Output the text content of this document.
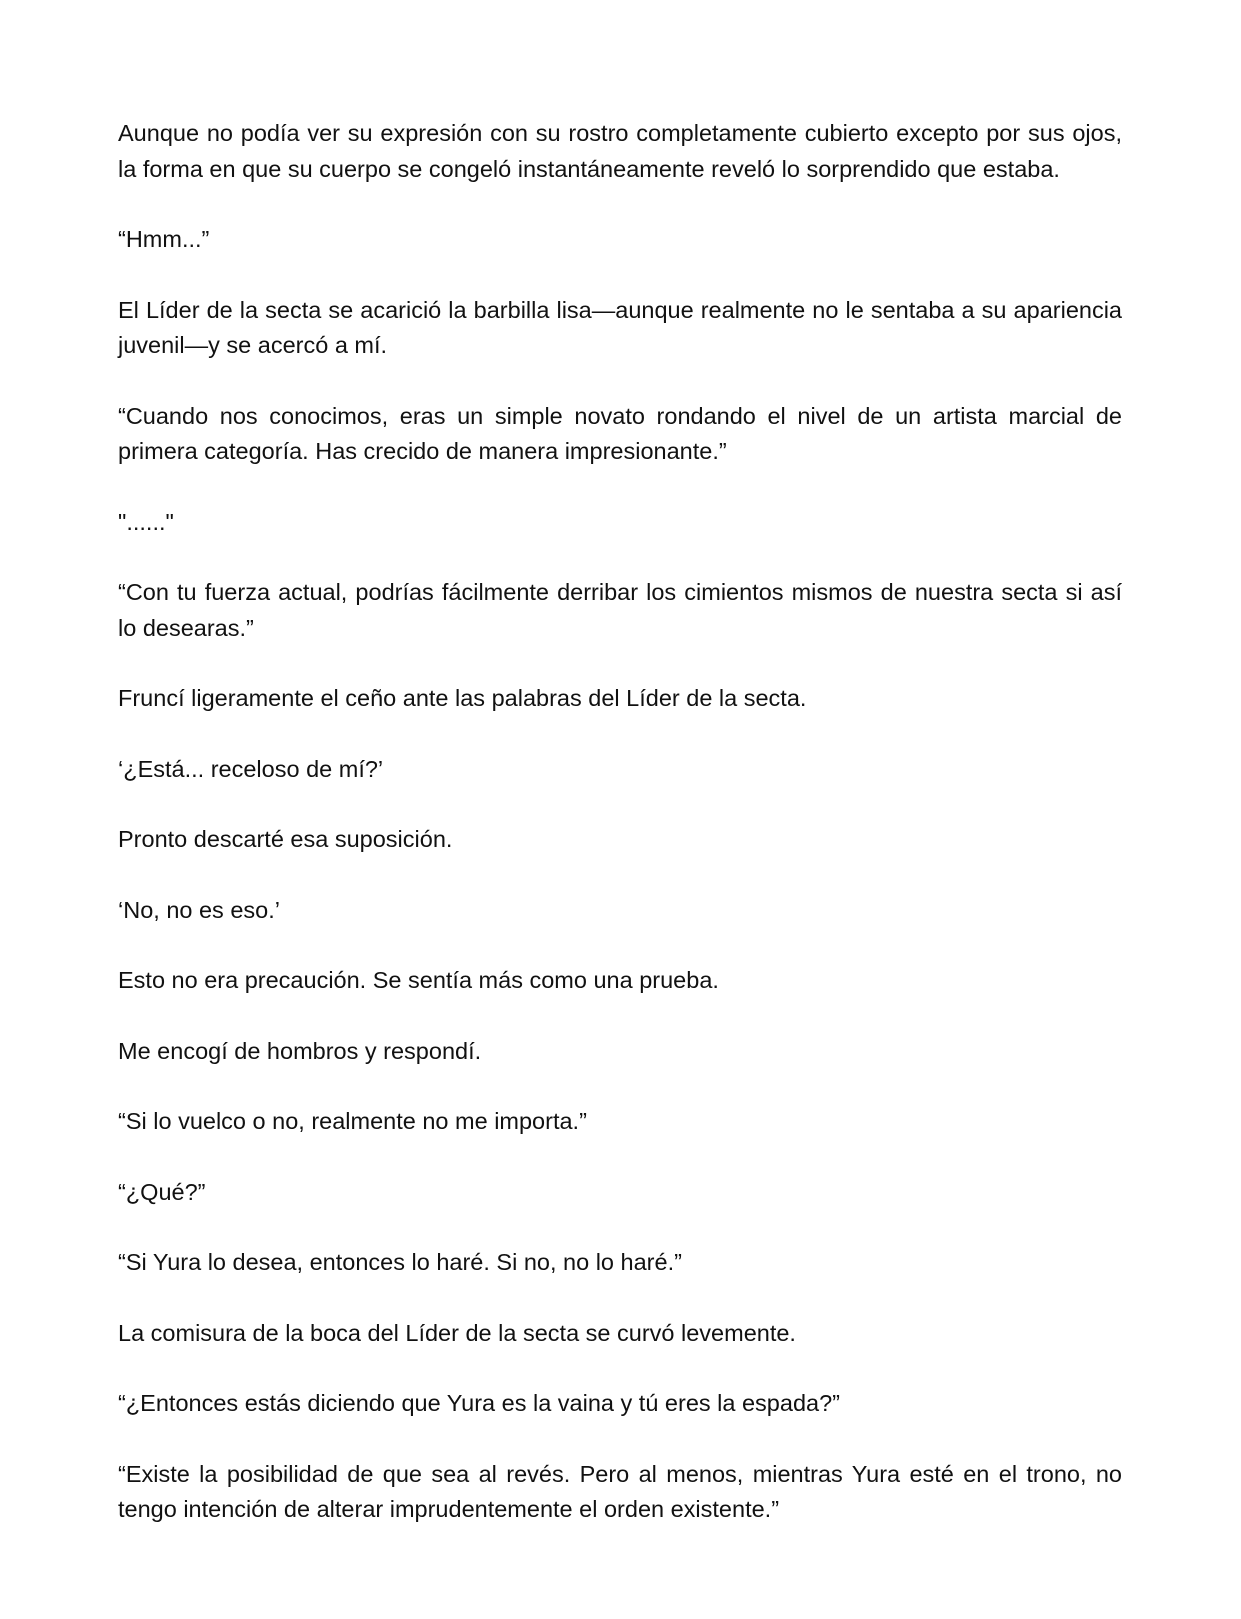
Aunque no podía ver su expresión con su rostro completamente cubierto excepto por sus ojos, la forma en que su cuerpo se congeló instantáneamente reveló lo sorprendido que estaba.

“Hmm...”

El Líder de la secta se acarició la barbilla lisa—aunque realmente no le sentaba a su apariencia juvenil—y se acercó a mí.

“Cuando nos conocimos, eras un simple novato rondando el nivel de un artista marcial de primera categoría. Has crecido de manera impresionante.”

"......"

“Con tu fuerza actual, podrías fácilmente derribar los cimientos mismos de nuestra secta si así lo desearas.”

Fruncí ligeramente el ceño ante las palabras del Líder de la secta.

‘¿Está... receloso de mí?’

Pronto descarté esa suposición.

‘No, no es eso.’

Esto no era precaución. Se sentía más como una prueba.

Me encogí de hombros y respondí.

“Si lo vuelco o no, realmente no me importa.”

“¿Qué?”

“Si Yura lo desea, entonces lo haré. Si no, no lo haré.”

La comisura de la boca del Líder de la secta se curvó levemente.

“¿Entonces estás diciendo que Yura es la vaina y tú eres la espada?”

“Existe la posibilidad de que sea al revés. Pero al menos, mientras Yura esté en el trono, no tengo intención de alterar imprudentemente el orden existente.”
